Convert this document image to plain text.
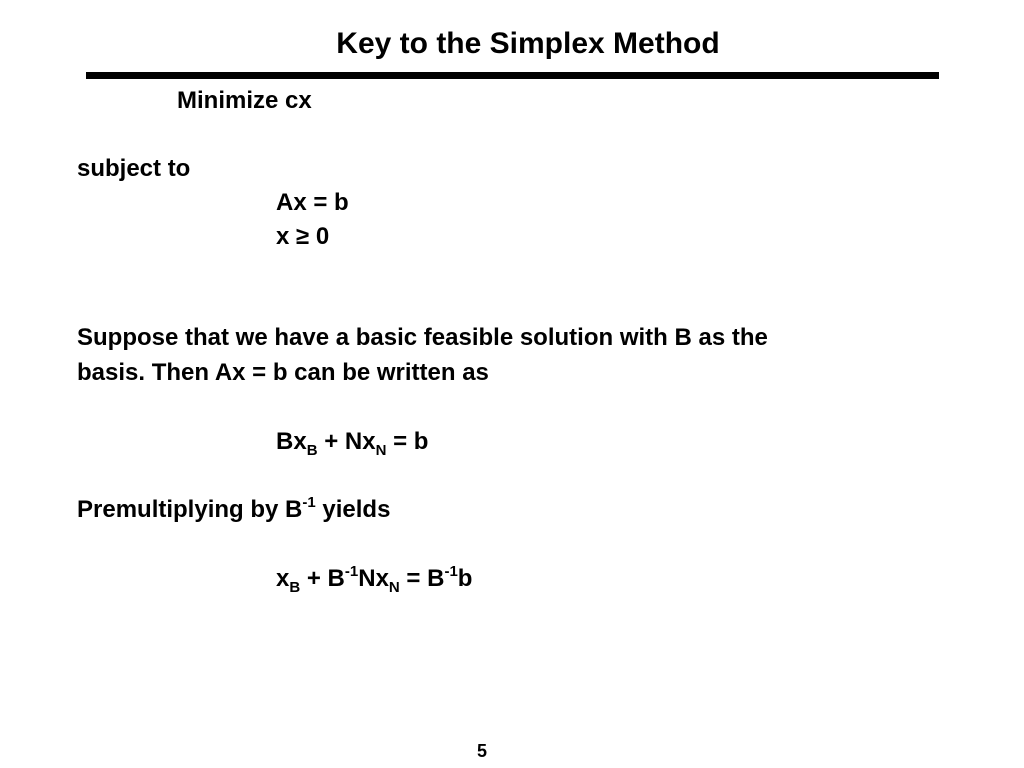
Key to the Simplex Method
Minimize cx
subject to
Ax = b
x ≥ 0
Suppose that we have a basic feasible solution with B as the
basis. Then Ax = b can be written as
$Bx_B + Nx_N = b$
Premultiplying by $B^{-1}$ yields
$x_B + B^{-1}Nx_N = B^{-1}b$
5
